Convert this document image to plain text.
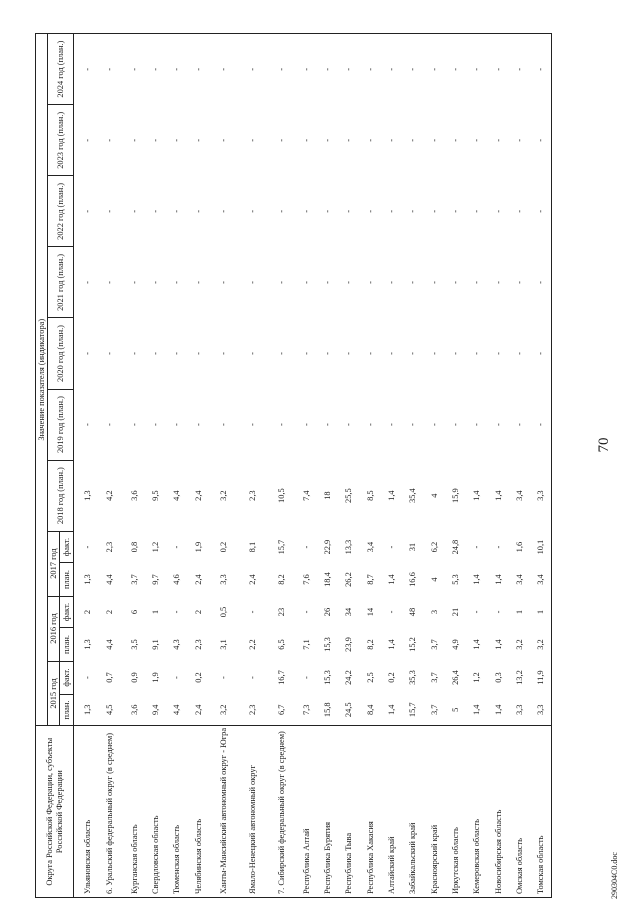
70
290304C0.doc
Округа Российской Федерации, субъекты Российской Федерации	Значение показателя (индикатора)												
	2015 год		2016 год		2017 год		2018 год (план.)	2019 год (план.)	2020 год (план.)	2021 год (план.)	2022 год (план.)	2023 год (план.)	2024 год (план.)
	план.	факт.	план.	факт.	план.	факт.							
Ульяновская область	1,3	-	1,3	2	1,3	-	1,3	-	-	-	-	-	-
6. Уральский федеральный округ (в среднем)	4,5	0,7	4,4	2	4,4	2,3	4,2	-	-	-	-	-	-
Курганская область	3,6	0,9	3,5	6	3,7	0,8	3,6	-	-	-	-	-	-
Свердловская область	9,4	1,9	9,1	1	9,7	1,2	9,5	-	-	-	-	-	-
Тюменская область	4,4	-	4,3	-	4,6	-	4,4	-	-	-	-	-	-
Челябинская область	2,4	0,2	2,3	2	2,4	1,9	2,4	-	-	-	-	-	-
Ханты-Мансийский автономный округ - Югра	3,2	-	3,1	0,5	3,3	0,2	3,2	-	-	-	-	-	-
Ямало-Ненецкий автономный округ	2,3	-	2,2	-	2,4	8,1	2,3	-	-	-	-	-	-
7. Сибирский федеральный округ (в среднем)	6,7	16,7	6,5	23	8,2	15,7	10,5	-	-	-	-	-	-
Республика Алтай	7,3	-	7,1	-	7,6	-	7,4	-	-	-	-	-	-
Республика Бурятия	15,8	15,3	15,3	26	18,4	22,9	18	-	-	-	-	-	-
Республика Тыва	24,5	24,2	23,9	34	26,2	13,3	25,5	-	-	-	-	-	-
Республика Хакасия	8,4	2,5	8,2	14	8,7	3,4	8,5	-	-	-	-	-	-
Алтайский край	1,4	0,2	1,4	-	1,4	-	1,4	-	-	-	-	-	-
Забайкальский край	15,7	35,3	15,2	48	16,6	31	35,4	-	-	-	-	-	-
Красноярский край	3,7	3,7	3,7	3	4	6,2	4	-	-	-	-	-	-
Иркутская область	5	26,4	4,9	21	5,3	24,8	15,9	-	-	-	-	-	-
Кемеровская область	1,4	1,2	1,4	-	1,4	-	1,4	-	-	-	-	-	-
Новосибирская область	1,4	0,3	1,4	-	1,4	-	1,4	-	-	-	-	-	-
Омская область	3,3	13,2	3,2	1	3,4	1,6	3,4	-	-	-	-	-	-
Томская область	3,3	11,9	3,2	1	3,4	10,1	3,3	-	-	-	-	-	-
